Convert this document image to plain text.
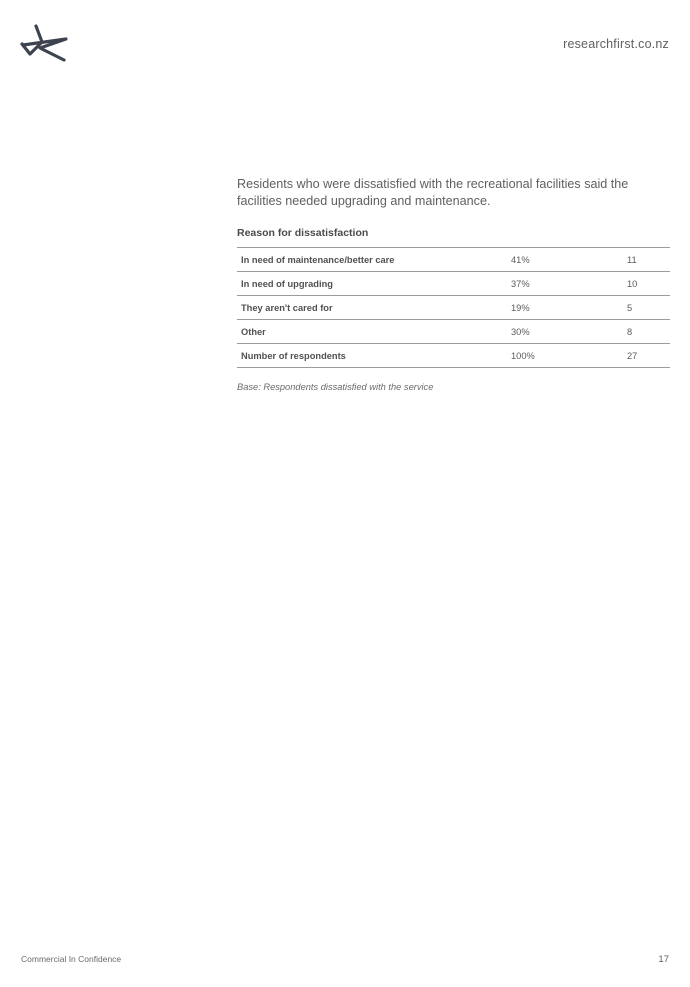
researchfirst.co.nz

Residents who were dissatisfied with the recreational facilities said the facilities needed upgrading and maintenance.

Reason for dissatisfaction
In need of maintenance/better care	41%	11
In need of upgrading	37%	10
They aren't cared for	19%	5
Other	30%	8
Number of respondents	100%	27

Base: Respondents dissatisfied with the service

Commercial In Confidence	17
